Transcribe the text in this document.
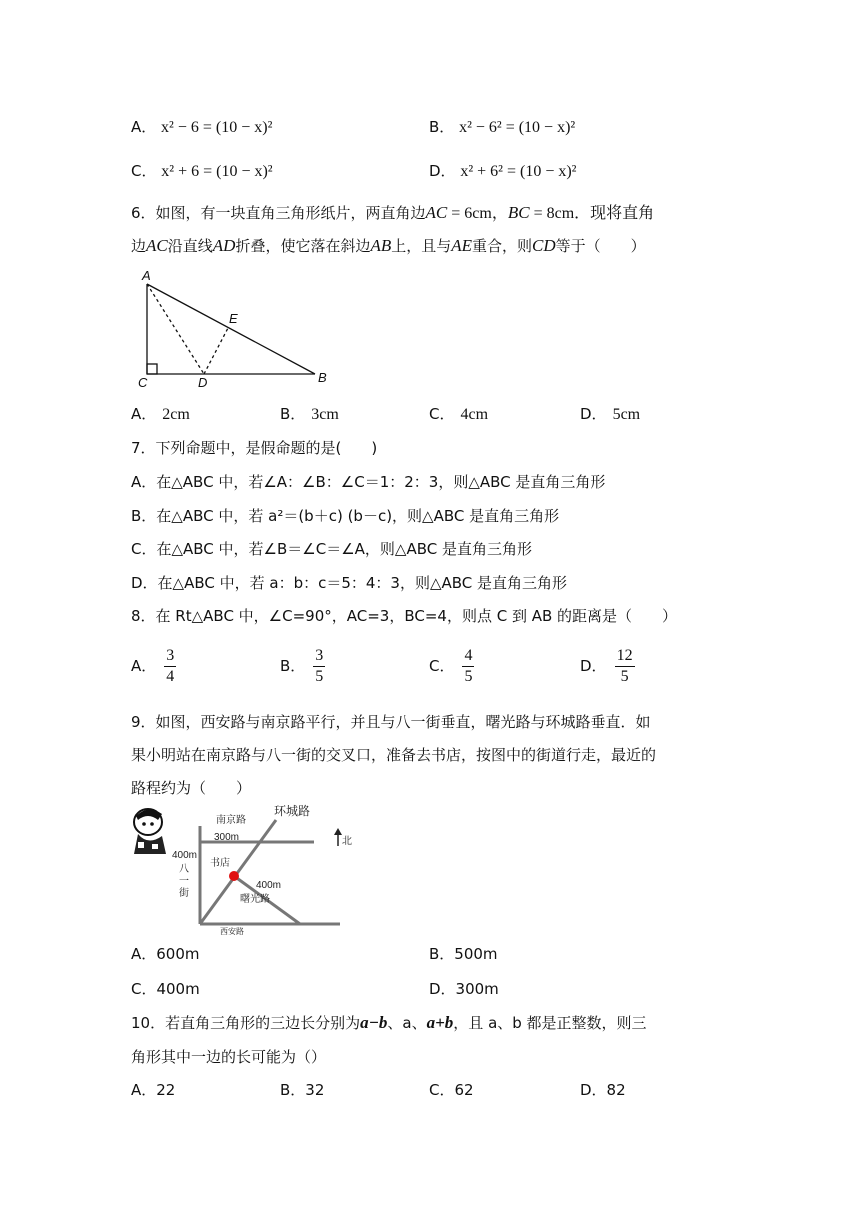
A． x² − 6 = (10 − x)²	B． x² − 6² = (10 − x)²
C． x² + 6 = (10 − x)²	D． x² + 6² = (10 − x)²
6．如图，有一块直角三角形纸片，两直角边AC = 6cm，BC = 8cm．现将直角
边AC沿直线AD折叠，使它落在斜边AB上，且与AE重合，则CD等于（　　）
A
B
C	D
E
A． 2cm	B． 3cm	C． 4cm	D． 5cm
7．下列命题中，是假命题的是(　　)
A．在△ABC 中，若∠A：∠B：∠C＝1：2：3，则△ABC 是直角三角形
B．在△ABC 中，若 a²＝(b＋c) (b－c)，则△ABC 是直角三角形
C．在△ABC 中，若∠B＝∠C＝∠A，则△ABC 是直角三角形
D．在△ABC 中，若 a：b：c＝5：4：3，则△ABC 是直角三角形
8．在 Rt△ABC 中，∠C=90°，AC=3，BC=4，则点 C 到 AB 的距离是（　　）
A． $\frac{3}{4}$	B． $\frac{3}{5}$	C． $\frac{4}{5}$	D． $\frac{12}{5}$
9．如图，西安路与南京路平行，并且与八一街垂直，曙光路与环城路垂直．如
果小明站在南京路与八一街的交叉口，准备去书店，按图中的街道行走，最近的
路程约为（　　）
南京路
环城路
300m
400m
八
一
街
书店
400m
曙光路
西安路
北
A．600m	B．500m
C．400m	D．300m
10．若直角三角形的三边长分别为a−b、a、a+b，且 a、b 都是正整数，则三
角形其中一边的长可能为（）
A．22	B．32	C．62	D．82
